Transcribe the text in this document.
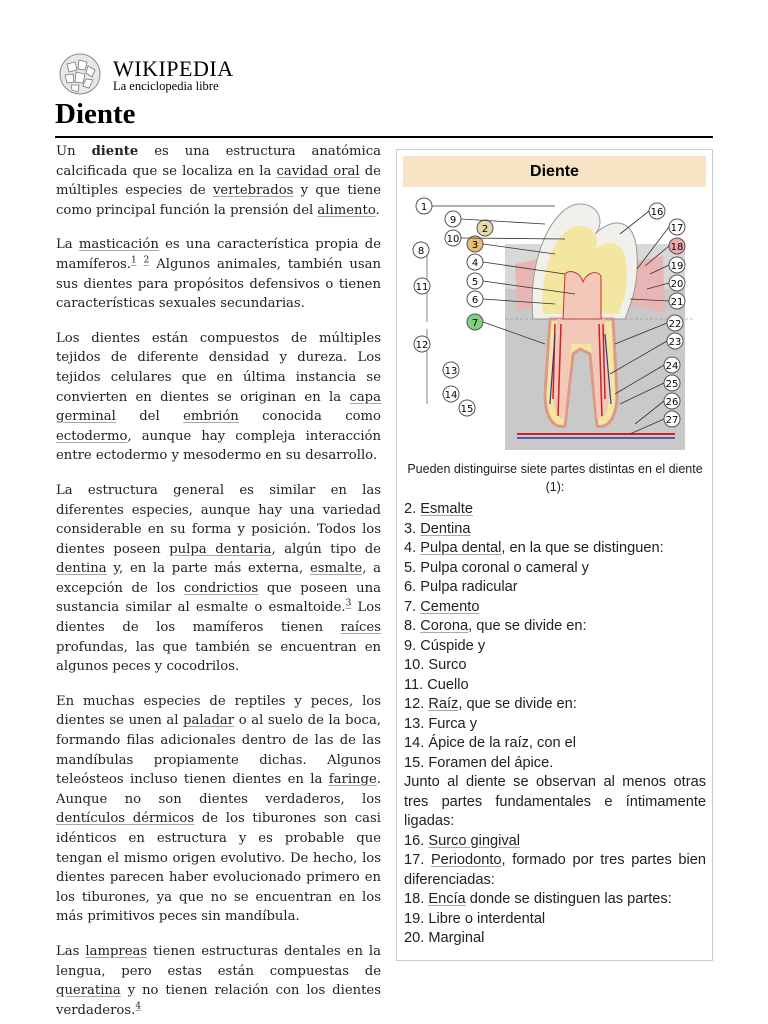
WIKIPEDIA
La enciclopedia libre
Diente

Un diente es una estructura anatómica calcificada que se localiza en la cavidad oral de múltiples especies de vertebrados y que tiene como principal función la prensión del alimento.

La masticación es una característica propia de mamíferos.$^1$ $^2$ Algunos animales, también usan sus dientes para propósitos defensivos o tienen características sexuales secundarias.

Los dientes están compuestos de múltiples tejidos de diferente densidad y dureza. Los tejidos celulares que en última instancia se convierten en dientes se originan en la capa germinal del embrión conocida como ectodermo, aunque hay compleja interacción entre ectodermo y mesodermo en su desarrollo.

La estructura general es similar en las diferentes especies, aunque hay una variedad considerable en su forma y posición. Todos los dientes poseen pulpa dentaria, algún tipo de dentina y, en la parte más externa, esmalte, a excepción de los condrictios que poseen una sustancia similar al esmalte o esmaltoide.$^3$ Los dientes de los mamíferos tienen raíces profundas, las que también se encuentran en algunos peces y cocodrilos.

En muchas especies de reptiles y peces, los dientes se unen al paladar o al suelo de la boca, formando filas adicionales dentro de las de las mandíbulas propiamente dichas. Algunos teleósteos incluso tienen dientes en la faringe. Aunque no son dientes verdaderos, los dentículos dérmicos de los tiburones son casi idénticos en estructura y es probable que tengan el mismo origen evolutivo. De hecho, los dientes parecen haber evolucionado primero en los tiburones, ya que no se encuentran en los más primitivos peces sin mandíbula.

Las lampreas tienen estructuras dentales en la lengua, pero estas están compuestas de queratina y no tienen relación con los dientes verdaderos.$^4$

Diente
1
2
3
4
5
6
7
8
9
10
11
12
13
14
15
16
17
18
19
20
21
22
23
24
25
26
27
Pueden distinguirse siete partes distintas en el diente (1):
2. Esmalte
3. Dentina
4. Pulpa dental, en la que se distinguen:
5. Pulpa coronal o cameral y
6. Pulpa radicular
7. Cemento
8. Corona, que se divide en:
9. Cúspide y
10. Surco
11. Cuello
12. Raíz, que se divide en:
13. Furca y
14. Ápice de la raíz, con el
15. Foramen del ápice.
Junto al diente se observan al menos otras tres partes fundamentales e íntimamente ligadas:
16. Surco gingival
17. Periodonto, formado por tres partes bien diferenciadas:
18. Encía donde se distinguen las partes:
19. Libre o interdental
20. Marginal
